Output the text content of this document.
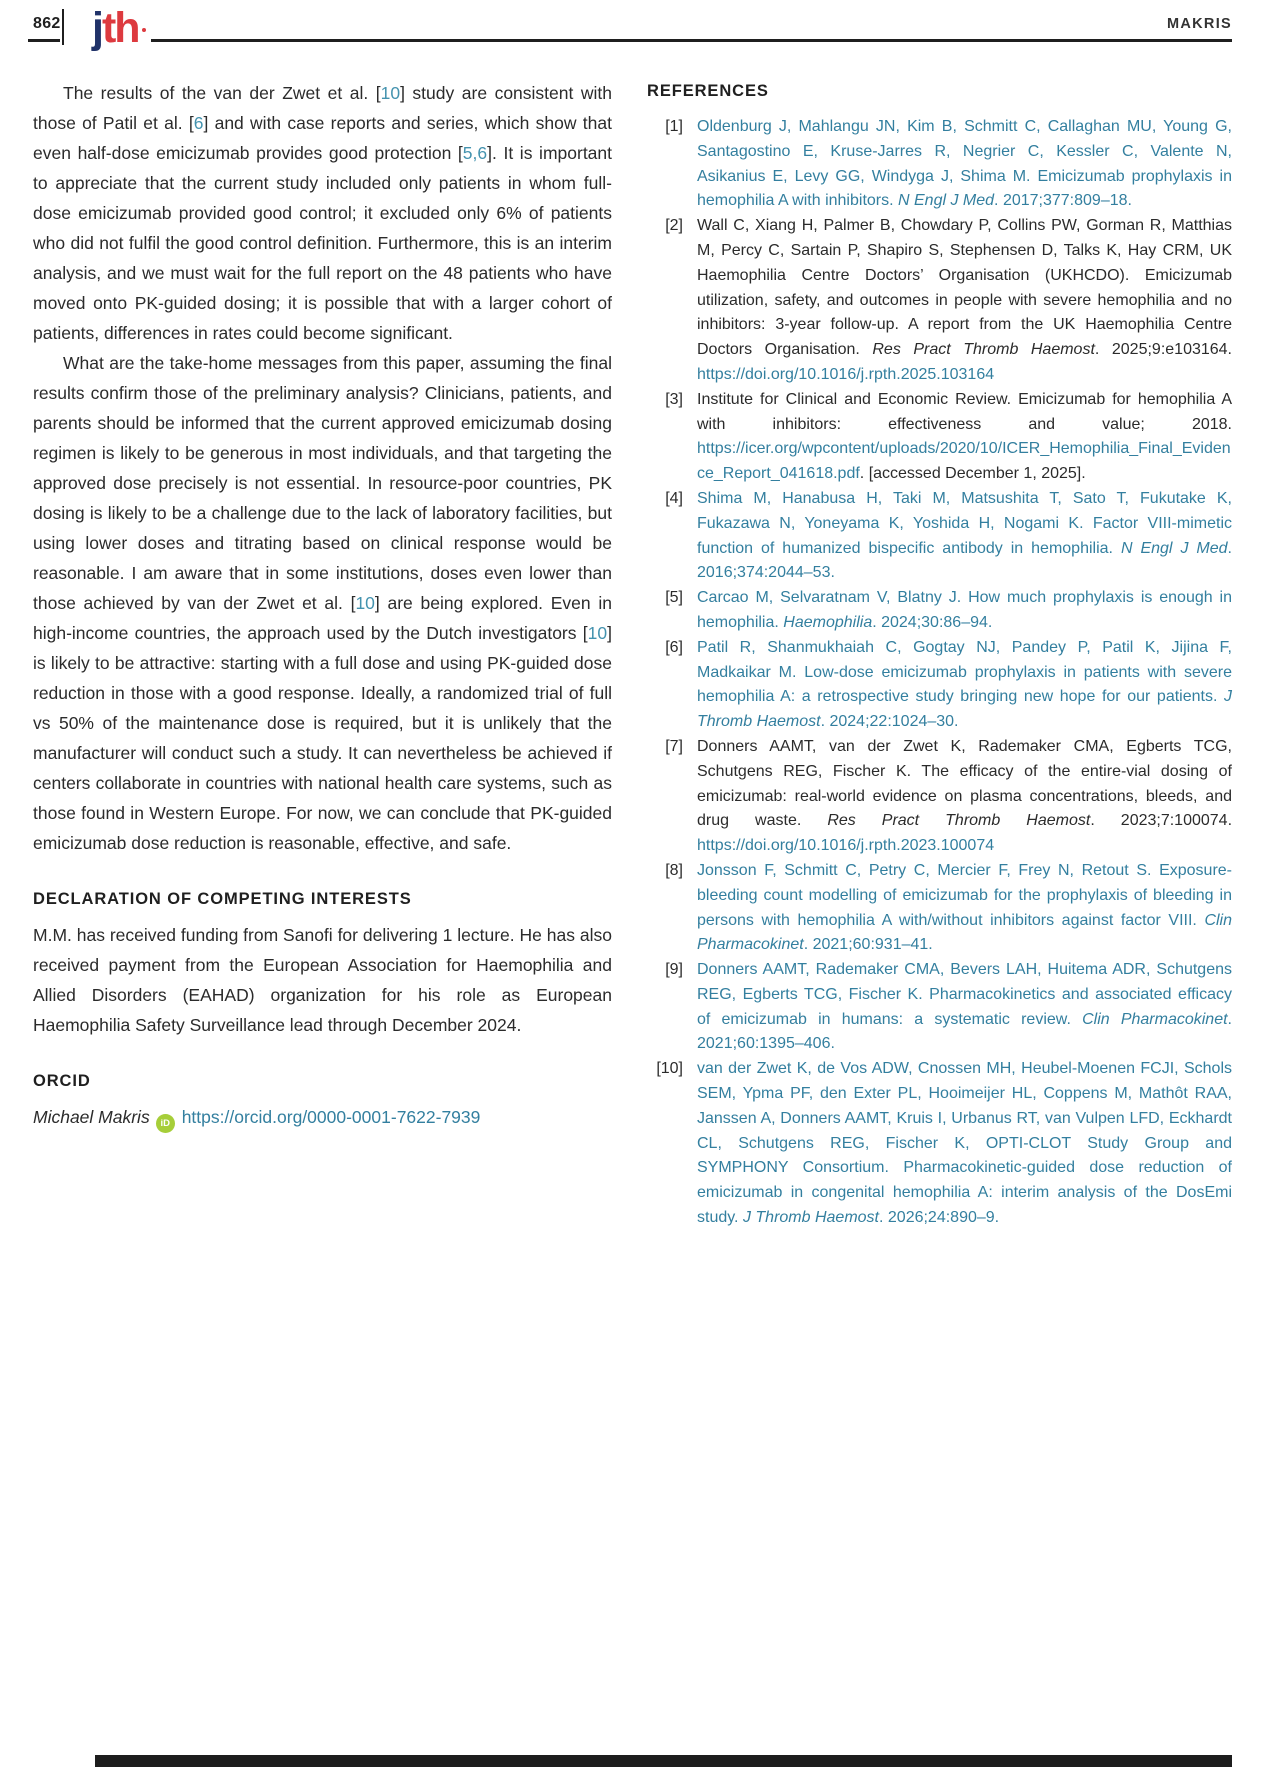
862 jth	MAKRIS

The results of the van der Zwet et al. [10] study are consistent with those of Patil et al. [6] and with case reports and series, which show that even half-dose emicizumab provides good protection [5,6]. It is important to appreciate that the current study included only patients in whom full-dose emicizumab provided good control; it excluded only 6% of patients who did not fulfil the good control definition. Furthermore, this is an interim analysis, and we must wait for the full report on the 48 patients who have moved onto PK-guided dosing; it is possible that with a larger cohort of patients, differences in rates could become significant.

What are the take-home messages from this paper, assuming the final results confirm those of the preliminary analysis? Clinicians, patients, and parents should be informed that the current approved emicizumab dosing regimen is likely to be generous in most individuals, and that targeting the approved dose precisely is not essential. In resource-poor countries, PK dosing is likely to be a challenge due to the lack of laboratory facilities, but using lower doses and titrating based on clinical response would be reasonable. I am aware that in some institutions, doses even lower than those achieved by van der Zwet et al. [10] are being explored. Even in high-income countries, the approach used by the Dutch investigators [10] is likely to be attractive: starting with a full dose and using PK-guided dose reduction in those with a good response. Ideally, a randomized trial of full vs 50% of the maintenance dose is required, but it is unlikely that the manufacturer will conduct such a study. It can nevertheless be achieved if centers collaborate in countries with national health care systems, such as those found in Western Europe. For now, we can conclude that PK-guided emicizumab dose reduction is reasonable, effective, and safe.

DECLARATION OF COMPETING INTERESTS

M.M. has received funding from Sanofi for delivering 1 lecture. He has also received payment from the European Association for Haemophilia and Allied Disorders (EAHAD) organization for his role as European Haemophilia Safety Surveillance lead through December 2024.

ORCID

Michael Makris iD https://orcid.org/0000-0001-7622-7939

REFERENCES
[1] Oldenburg J, Mahlangu JN, Kim B, Schmitt C, Callaghan MU, Young G, Santagostino E, Kruse-Jarres R, Negrier C, Kessler C, Valente N, Asikanius E, Levy GG, Windyga J, Shima M. Emicizumab prophylaxis in hemophilia A with inhibitors. N Engl J Med. 2017;377:809–18.
[2] Wall C, Xiang H, Palmer B, Chowdary P, Collins PW, Gorman R, Matthias M, Percy C, Sartain P, Shapiro S, Stephensen D, Talks K, Hay CRM, UK Haemophilia Centre Doctors’ Organisation (UKHCDO). Emicizumab utilization, safety, and outcomes in people with severe hemophilia and no inhibitors: 3-year follow-up. A report from the UK Haemophilia Centre Doctors Organisation. Res Pract Thromb Haemost. 2025;9:e103164. https://doi.org/10.1016/j.rpth.2025.103164
[3] Institute for Clinical and Economic Review. Emicizumab for hemophilia A with inhibitors: effectiveness and value; 2018. https://icer.org/wpcontent/uploads/2020/10/ICER_Hemophilia_Final_Evidence_Report_041618.pdf. [accessed December 1, 2025].
[4] Shima M, Hanabusa H, Taki M, Matsushita T, Sato T, Fukutake K, Fukazawa N, Yoneyama K, Yoshida H, Nogami K. Factor VIII-mimetic function of humanized bispecific antibody in hemophilia. N Engl J Med. 2016;374:2044–53.
[5] Carcao M, Selvaratnam V, Blatny J. How much prophylaxis is enough in hemophilia. Haemophilia. 2024;30:86–94.
[6] Patil R, Shanmukhaiah C, Gogtay NJ, Pandey P, Patil K, Jijina F, Madkaikar M. Low-dose emicizumab prophylaxis in patients with severe hemophilia A: a retrospective study bringing new hope for our patients. J Thromb Haemost. 2024;22:1024–30.
[7] Donners AAMT, van der Zwet K, Rademaker CMA, Egberts TCG, Schutgens REG, Fischer K. The efficacy of the entire-vial dosing of emicizumab: real-world evidence on plasma concentrations, bleeds, and drug waste. Res Pract Thromb Haemost. 2023;7:100074. https://doi.org/10.1016/j.rpth.2023.100074
[8] Jonsson F, Schmitt C, Petry C, Mercier F, Frey N, Retout S. Exposure-bleeding count modelling of emicizumab for the prophylaxis of bleeding in persons with hemophilia A with/without inhibitors against factor VIII. Clin Pharmacokinet. 2021;60:931–41.
[9] Donners AAMT, Rademaker CMA, Bevers LAH, Huitema ADR, Schutgens REG, Egberts TCG, Fischer K. Pharmacokinetics and associated efficacy of emicizumab in humans: a systematic review. Clin Pharmacokinet. 2021;60:1395–406.
[10] van der Zwet K, de Vos ADW, Cnossen MH, Heubel-Moenen FCJI, Schols SEM, Ypma PF, den Exter PL, Hooimeijer HL, Coppens M, Mathôt RAA, Janssen A, Donners AAMT, Kruis I, Urbanus RT, van Vulpen LFD, Eckhardt CL, Schutgens REG, Fischer K, OPTI-CLOT Study Group and SYMPHONY Consortium. Pharmacokinetic-guided dose reduction of emicizumab in congenital hemophilia A: interim analysis of the DosEmi study. J Thromb Haemost. 2026;24:890–9.
